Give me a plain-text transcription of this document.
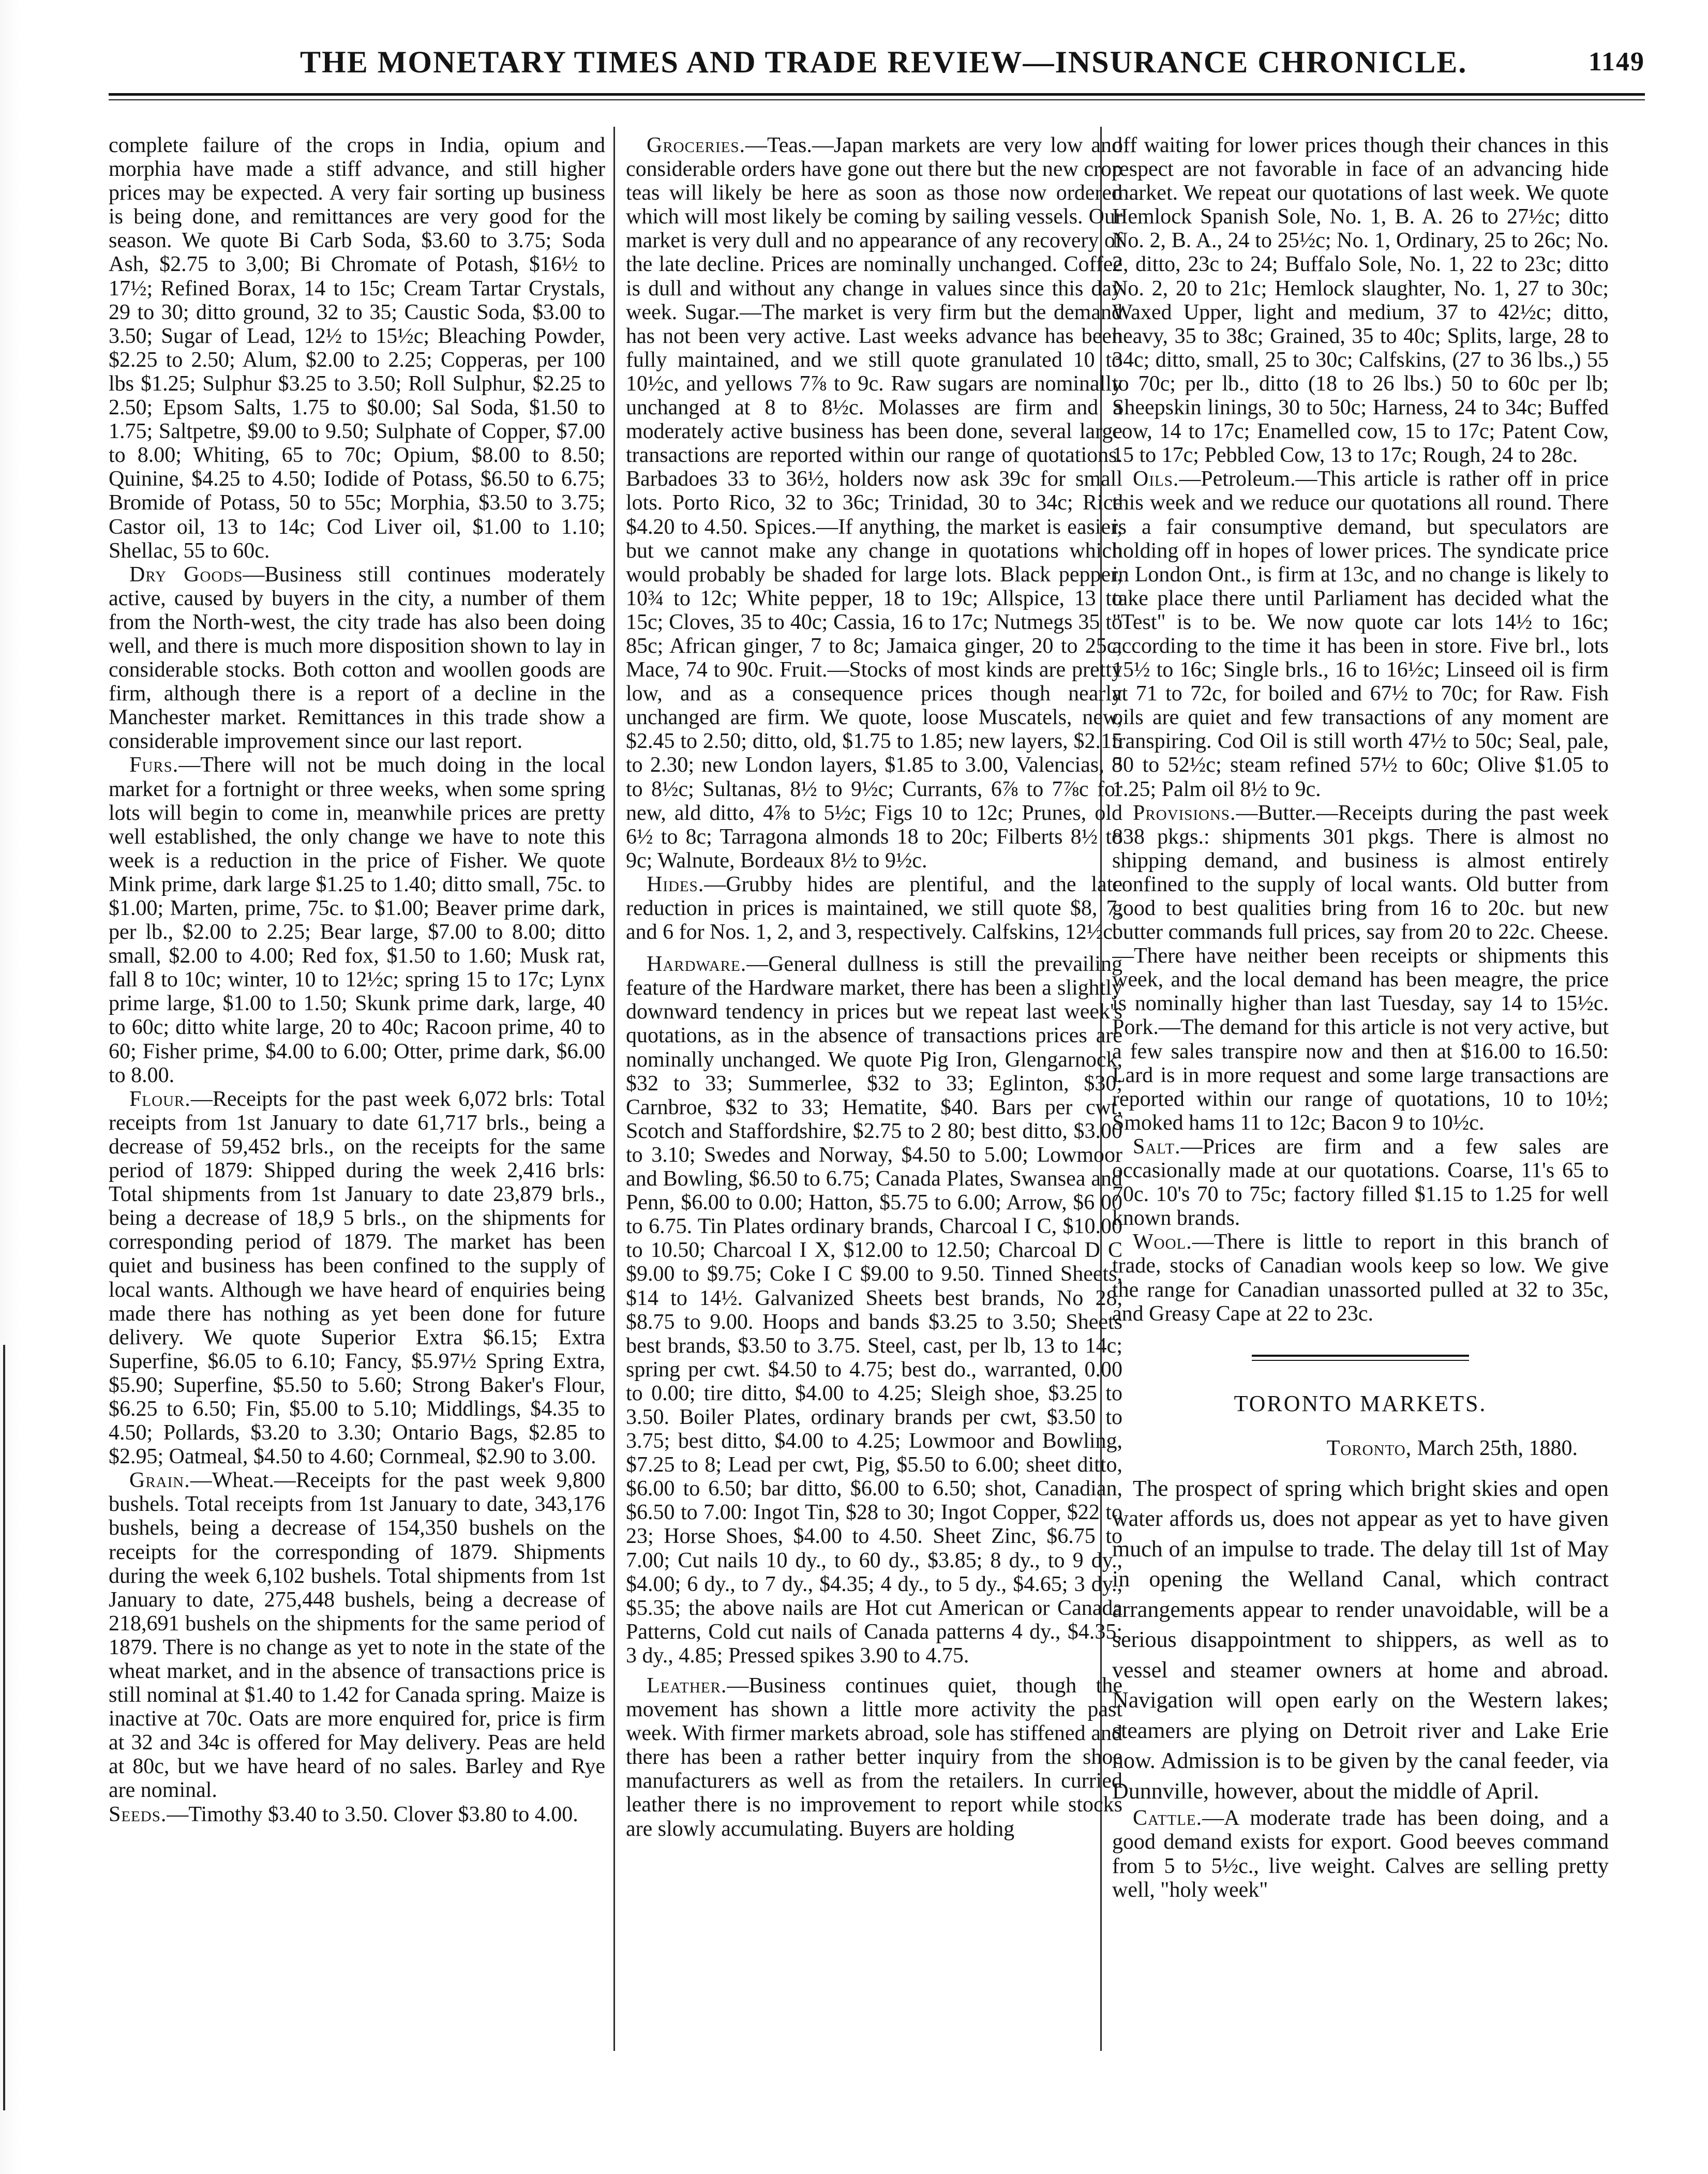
THE MONETARY TIMES AND TRADE REVIEW—INSURANCE CHRONICLE.	1149

complete failure of the crops in India, opium and morphia have made a stiff advance, and still higher prices may be expected. A very fair sorting up business is being done, and remittances are very good for the season. We quote Bi Carb Soda, $3.60 to 3.75; Soda Ash, $2.75 to 3,00; Bi Chromate of Potash, $16½ to 17½; Refined Borax, 14 to 15c; Cream Tartar Crystals, 29 to 30; ditto ground, 32 to 35; Caustic Soda, $3.00 to 3.50; Sugar of Lead, 12½ to 15½c; Bleaching Powder, $2.25 to 2.50; Alum, $2.00 to 2.25; Copperas, per 100 lbs $1.25; Sulphur $3.25 to 3.50; Roll Sulphur, $2.25 to 2.50; Epsom Salts, 1.75 to $0.00; Sal Soda, $1.50 to 1.75; Saltpetre, $9.00 to 9.50; Sulphate of Copper, $7.00 to 8.00; Whiting, 65 to 70c; Opium, $8.00 to 8.50; Quinine, $4.25 to 4.50; Iodide of Potass, $6.50 to 6.75; Bromide of Potass, 50 to 55c; Morphia, $3.50 to 3.75; Castor oil, 13 to 14c; Cod Liver oil, $1.00 to 1.10; Shellac, 55 to 60c.

Dry Goods—Business still continues moderately active, caused by buyers in the city, a number of them from the North-west, the city trade has also been doing well, and there is much more disposition shown to lay in considerable stocks. Both cotton and woollen goods are firm, although there is a report of a decline in the Manchester market. Remittances in this trade show a considerable improvement since our last report.

Furs.—There will not be much doing in the local market for a fortnight or three weeks, when some spring lots will begin to come in, meanwhile prices are pretty well established, the only change we have to note this week is a reduction in the price of Fisher. We quote Mink prime, dark large $1.25 to 1.40; ditto small, 75c. to $1.00; Marten, prime, 75c. to $1.00; Beaver prime dark, per lb., $2.00 to 2.25; Bear large, $7.00 to 8.00; ditto small, $2.00 to 4.00; Red fox, $1.50 to 1.60; Musk rat, fall 8 to 10c; winter, 10 to 12½c; spring 15 to 17c; Lynx prime large, $1.00 to 1.50; Skunk prime dark, large, 40 to 60c; ditto white large, 20 to 40c; Racoon prime, 40 to 60; Fisher prime, $4.00 to 6.00; Otter, prime dark, $6.00 to 8.00.

Flour.—Receipts for the past week 6,072 brls: Total receipts from 1st January to date 61,717 brls., being a decrease of 59,452 brls., on the receipts for the same period of 1879: Shipped during the week 2,416 brls: Total shipments from 1st January to date 23,879 brls., being a decrease of 18,9 5 brls., on the shipments for corresponding period of 1879. The market has been quiet and business has been confined to the supply of local wants. Although we have heard of enquiries being made there has nothing as yet been done for future delivery. We quote Superior Extra $6.15; Extra Superfine, $6.05 to 6.10; Fancy, $5.97½ Spring Extra, $5.90; Superfine, $5.50 to 5.60; Strong Baker's Flour, $6.25 to 6.50; Fin, $5.00 to 5.10; Middlings, $4.35 to 4.50; Pollards, $3.20 to 3.30; Ontario Bags, $2.85 to $2.95; Oatmeal, $4.50 to 4.60; Cornmeal, $2.90 to 3.00.

Grain.—Wheat.—Receipts for the past week 9,800 bushels. Total receipts from 1st January to date, 343,176 bushels, being a decrease of 154,350 bushels on the receipts for the corresponding of 1879. Shipments during the week 6,102 bushels. Total shipments from 1st January to date, 275,448 bushels, being a decrease of 218,691 bushels on the shipments for the same period of 1879. There is no change as yet to note in the state of the wheat market, and in the absence of transactions price is still nominal at $1.40 to 1.42 for Canada spring. Maize is inactive at 70c. Oats are more enquired for, price is firm at 32 and 34c is offered for May delivery. Peas are held at 80c, but we have heard of no sales. Barley and Rye are nominal.

Seeds.—Timothy $3.40 to 3.50. Clover $3.80 to 4.00.

Groceries.—Teas.—Japan markets are very low and considerable orders have gone out there but the new crop teas will likely be here as soon as those now ordered which will most likely be coming by sailing vessels. Our market is very dull and no appearance of any recovery of the late decline. Prices are nominally unchanged. Coffee is dull and without any change in values since this day week. Sugar.—The market is very firm but the demand has not been very active. Last weeks advance has been fully maintained, and we still quote granulated 10 to 10½c, and yellows 7⅞ to 9c. Raw sugars are nominally unchanged at 8 to 8½c. Molasses are firm and a moderately active business has been done, several large transactions are reported within our range of quotations. Barbadoes 33 to 36½, holders now ask 39c for small lots. Porto Rico, 32 to 36c; Trinidad, 30 to 34c; Rice $4.20 to 4.50. Spices.—If anything, the market is easier, but we cannot make any change in quotations which would probably be shaded for large lots. Black pepper, 10¾ to 12c; White pepper, 18 to 19c; Allspice, 13 to 15c; Cloves, 35 to 40c; Cassia, 16 to 17c; Nutmegs 35 to 85c; African ginger, 7 to 8c; Jamaica ginger, 20 to 25c; Mace, 74 to 90c. Fruit.—Stocks of most kinds are pretty low, and as a consequence prices though nearly unchanged are firm. We quote, loose Muscatels, new, $2.45 to 2.50; ditto, old, $1.75 to 1.85; new layers, $2.15 to 2.30; new London layers, $1.85 to 3.00, Valencias, 8 to 8½c; Sultanas, 8½ to 9½c; Currants, 6⅞ to 7⅞c for new, ald ditto, 4⅞ to 5½c; Figs 10 to 12c; Prunes, old 6½ to 8c; Tarragona almonds 18 to 20c; Filberts 8½ to 9c; Walnute, Bordeaux 8½ to 9½c.

Hides.—Grubby hides are plentiful, and the late reduction in prices is maintained, we still quote $8, 7, and 6 for Nos. 1, 2, and 3, respectively. Calfskins, 12½c.

Hardware.—General dullness is still the prevailing feature of the Hardware market, there has been a slightly downward tendency in prices but we repeat last week's quotations, as in the absence of transactions prices are nominally unchanged. We quote Pig Iron, Glengarnock, $32 to 33; Summerlee, $32 to 33; Eglinton, $30; Carnbroe, $32 to 33; Hematite, $40. Bars per cwt, Scotch and Staffordshire, $2.75 to 2 80; best ditto, $3.00 to 3.10; Swedes and Norway, $4.50 to 5.00; Lowmoor and Bowling, $6.50 to 6.75; Canada Plates, Swansea and Penn, $6.00 to 0.00; Hatton, $5.75 to 6.00; Arrow, $6 00 to 6.75. Tin Plates ordinary brands, Charcoal I C, $10.00 to 10.50; Charcoal I X, $12.00 to 12.50; Charcoal D C $9.00 to $9.75; Coke I C $9.00 to 9.50. Tinned Sheets, $14 to 14½. Galvanized Sheets best brands, No 28, $8.75 to 9.00. Hoops and bands $3.25 to 3.50; Sheets best brands, $3.50 to 3.75. Steel, cast, per lb, 13 to 14c; spring per cwt. $4.50 to 4.75; best do., warranted, 0.00 to 0.00; tire ditto, $4.00 to 4.25; Sleigh shoe, $3.25 to 3.50. Boiler Plates, ordinary brands per cwt, $3.50 to 3.75; best ditto, $4.00 to 4.25; Lowmoor and Bowling, $7.25 to 8; Lead per cwt, Pig, $5.50 to 6.00; sheet ditto, $6.00 to 6.50; bar ditto, $6.00 to 6.50; shot, Canadian, $6.50 to 7.00: Ingot Tin, $28 to 30; Ingot Copper, $22 to 23; Horse Shoes, $4.00 to 4.50. Sheet Zinc, $6.75 to 7.00; Cut nails 10 dy., to 60 dy., $3.85; 8 dy., to 9 dy., $4.00; 6 dy., to 7 dy., $4.35; 4 dy., to 5 dy., $4.65; 3 dy., $5.35; the above nails are Hot cut American or Canada Patterns, Cold cut nails of Canada patterns 4 dy., $4.35; 3 dy., 4.85; Pressed spikes 3.90 to 4.75.

Leather.—Business continues quiet, though the movement has shown a little more activity the past week. With firmer markets abroad, sole has stiffened and there has been a rather better inquiry from the shoe manufacturers as well as from the retailers. In curried leather there is no improvement to report while stocks are slowly accumulating. Buyers are holding

off waiting for lower prices though their chances in this respect are not favorable in face of an advancing hide market. We repeat our quotations of last week. We quote Hemlock Spanish Sole, No. 1, B. A. 26 to 27½c; ditto No. 2, B. A., 24 to 25½c; No. 1, Ordinary, 25 to 26c; No. 2, ditto, 23c to 24; Buffalo Sole, No. 1, 22 to 23c; ditto No. 2, 20 to 21c; Hemlock slaughter, No. 1, 27 to 30c; Waxed Upper, light and medium, 37 to 42½c; ditto, heavy, 35 to 38c; Grained, 35 to 40c; Splits, large, 28 to 34c; ditto, small, 25 to 30c; Calfskins, (27 to 36 lbs.,) 55 to 70c; per lb., ditto (18 to 26 lbs.) 50 to 60c per lb; Sheepskin linings, 30 to 50c; Harness, 24 to 34c; Buffed cow, 14 to 17c; Enamelled cow, 15 to 17c; Patent Cow, 15 to 17c; Pebbled Cow, 13 to 17c; Rough, 24 to 28c.

Oils.—Petroleum.—This article is rather off in price this week and we reduce our quotations all round. There is a fair consumptive demand, but speculators are holding off in hopes of lower prices. The syndicate price in London Ont., is firm at 13c, and no change is likely to take place there until Parliament has decided what the "Test" is to be. We now quote car lots 14½ to 16c; according to the time it has been in store. Five brl., lots 15½ to 16c; Single brls., 16 to 16½c; Linseed oil is firm at 71 to 72c, for boiled and 67½ to 70c; for Raw. Fish oils are quiet and few transactions of any moment are transpiring. Cod Oil is still worth 47½ to 50c; Seal, pale, 50 to 52½c; steam refined 57½ to 60c; Olive $1.05 to 1.25; Palm oil 8½ to 9c.

Provisions.—Butter.—Receipts during the past week 838 pkgs.: shipments 301 pkgs. There is almost no shipping demand, and business is almost entirely confined to the supply of local wants. Old butter from good to best qualities bring from 16 to 20c. but new butter commands full prices, say from 20 to 22c. Cheese.—There have neither been receipts or shipments this week, and the local demand has been meagre, the price is nominally higher than last Tuesday, say 14 to 15½c. Pork.—The demand for this article is not very active, but a few sales transpire now and then at $16.00 to 16.50: Lard is in more request and some large transactions are reported within our range of quotations, 10 to 10½; Smoked hams 11 to 12c; Bacon 9 to 10½c.

Salt.—Prices are firm and a few sales are occasionally made at our quotations. Coarse, 11's 65 to 70c. 10's 70 to 75c; factory filled $1.15 to 1.25 for well known brands.

Wool.—There is little to report in this branch of trade, stocks of Canadian wools keep so low. We give the range for Canadian unassorted pulled at 32 to 35c, and Greasy Cape at 22 to 23c.

TORONTO MARKETS.

Toronto, March 25th, 1880.

The prospect of spring which bright skies and open water affords us, does not appear as yet to have given much of an impulse to trade. The delay till 1st of May in opening the Welland Canal, which contract arrangements appear to render unavoidable, will be a serious disappointment to shippers, as well as to vessel and steamer owners at home and abroad. Navigation will open early on the Western lakes; steamers are plying on Detroit river and Lake Erie now. Admission is to be given by the canal feeder, via Dunnville, however, about the middle of April.

Cattle.—A moderate trade has been doing, and a good demand exists for export. Good beeves command from 5 to 5½c., live weight. Calves are selling pretty well, "holy week"
